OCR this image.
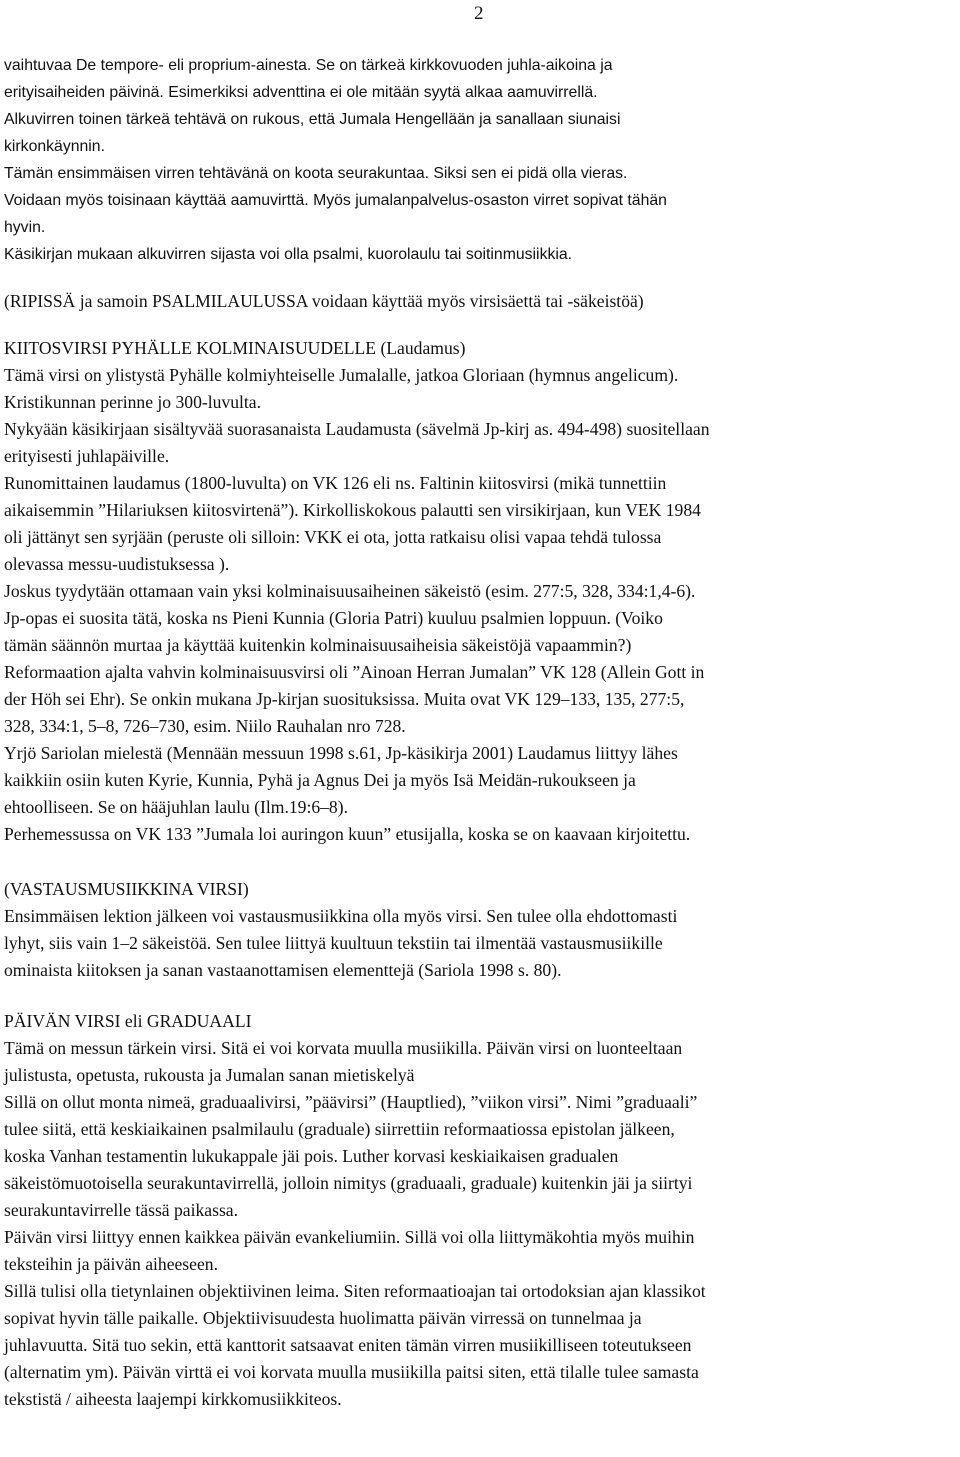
2
vaihtuvaa De tempore- eli proprium-ainesta. Se on tärkeä kirkkovuoden juhla-aikoina ja
erityisaiheiden päivinä. Esimerkiksi adventtina ei ole mitään syytä alkaa aamuvirrellä.
Alkuvirren toinen tärkeä tehtävä on rukous, että Jumala Hengellään ja sanallaan siunaisi
kirkonkäynnin.
Tämän ensimmäisen virren tehtävänä on koota seurakuntaa. Siksi sen ei pidä olla vieras.
Voidaan myös toisinaan käyttää aamuvirttä. Myös jumalanpalvelus-osaston virret sopivat tähän
hyvin.
Käsikirjan mukaan alkuvirren sijasta voi olla psalmi, kuorolaulu tai soitinmusiikkia.
(RIPISSÄ ja samoin PSALMILAULUSSA voidaan käyttää myös virsisäettä tai -säkeistöä)
KIITOSVIRSI PYHÄLLE KOLMINAISUUDELLE (Laudamus)
Tämä virsi on ylistystä Pyhälle kolmiyhteiselle Jumalalle, jatkoa Gloriaan (hymnus angelicum).
Kristikunnan perinne jo 300-luvulta.
Nykyään käsikirjaan sisältyvää suorasanaista Laudamusta (sävelmä Jp-kirj as. 494-498) suositellaan
erityisesti juhlapäiville.
Runomittainen laudamus (1800-luvulta) on VK 126 eli ns. Faltinin kiitosvirsi (mikä tunnettiin
aikaisemmin ”Hilariuksen kiitosvirtenä”). Kirkolliskokous palautti sen virsikirjaan, kun VEK 1984
oli jättänyt sen syrjään (peruste oli silloin: VKK ei ota, jotta ratkaisu olisi vapaa tehdä tulossa
olevassa messu-uudistuksessa ).
Joskus tyydytään ottamaan vain yksi kolminaisuusaiheinen säkeistö (esim. 277:5, 328, 334:1,4-6).
Jp-opas ei suosita tätä, koska ns Pieni Kunnia (Gloria Patri) kuuluu psalmien loppuun. (Voiko
tämän säännön murtaa ja käyttää kuitenkin kolminaisuusaiheisia säkeistöjä vapaammin?)
Reformaation ajalta vahvin kolminaisuusvirsi oli ”Ainoan Herran Jumalan” VK 128 (Allein Gott in
der Höh sei Ehr). Se onkin mukana Jp-kirjan suosituksissa. Muita ovat VK 129–133, 135, 277:5,
328, 334:1, 5–8, 726–730, esim. Niilo Rauhalan nro 728.
Yrjö Sariolan mielestä (Mennään messuun 1998 s.61, Jp-käsikirja 2001) Laudamus liittyy lähes
kaikkiin osiin kuten Kyrie, Kunnia, Pyhä ja Agnus Dei ja myös Isä Meidän-rukoukseen ja
ehtoolliseen. Se on hääjuhlan laulu (Ilm.19:6–8).
Perhemessussa on VK 133 ”Jumala loi auringon kuun” etusijalla, koska se on kaavaan kirjoitettu.
(VASTAUSMUSIIKKINA VIRSI)
Ensimmäisen lektion jälkeen voi vastausmusiikkina olla myös virsi. Sen tulee olla ehdottomasti
lyhyt, siis vain 1–2 säkeistöä. Sen tulee liittyä kuultuun tekstiin tai ilmentää vastausmusiikille
ominaista kiitoksen ja sanan vastaanottamisen elementtejä (Sariola 1998 s. 80).
PÄIVÄN VIRSI eli GRADUAALI
Tämä on messun tärkein virsi. Sitä ei voi korvata muulla musiikilla. Päivän virsi on luonteeltaan
julistusta, opetusta, rukousta ja Jumalan sanan mietiskelyä
Sillä on ollut monta nimeä, graduaalivirsi, ”päävirsi” (Hauptlied), ”viikon virsi”. Nimi ”graduaali”
tulee siitä, että keskiaikainen psalmilaulu (graduale) siirrettiin reformaatiossa epistolan jälkeen,
koska Vanhan testamentin lukukappale jäi pois. Luther korvasi keskiaikaisen gradualen
säkeistömuotoisella seurakuntavirrellä, jolloin nimitys (graduaali, graduale) kuitenkin jäi ja siirtyi
seurakuntavirrelle tässä paikassa.
Päivän virsi liittyy ennen kaikkea päivän evankeliumiin. Sillä voi olla liittymäkohtia myös muihin
teksteihin ja päivän aiheeseen.
Sillä tulisi olla tietynlainen objektiivinen leima. Siten reformaatioajan tai ortodoksian ajan klassikot
sopivat hyvin tälle paikalle. Objektiivisuudesta huolimatta päivän virressä on tunnelmaa ja
juhlavuutta. Sitä tuo sekin, että kanttorit satsaavat eniten tämän virren musiikilliseen toteutukseen
(alternatim ym). Päivän virttä ei voi korvata muulla musiikilla paitsi siten, että tilalle tulee samasta
tekstistä / aiheesta laajempi kirkkomusiikkiteos.
